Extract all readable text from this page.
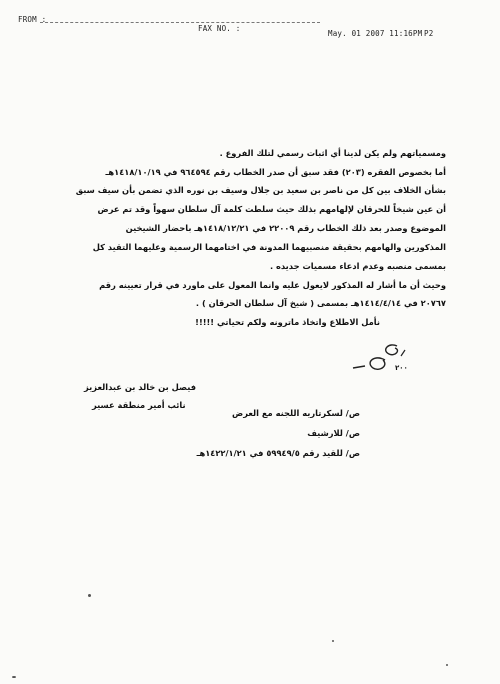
FROM :
FAX NO. :
May. 01 2007 11:16PM P2
ومسمياتهم ولم يكن لدينا أي اثبات رسمي لتلك الفروع .
أما بخصوص الفقره (٢٠٣) فقد سبق أن صدر الخطاب رقم ٩٦٤٥٩٤ في ١٤١٨/١٠/١٩هـ
بشأن الخلاف بين كل من ناصر بن سعيد بن جلال وسيف بن نوره الذي تضمن بأن سيف سبق
أن عين شيخاً للحرقان لإلهامهم بذلك حيث سلطت كلمة آل سلطان سهواً وقد تم عرض
الموضوع وصدر بعد ذلك الخطاب رقم ٢٢٠٠٩ في ١٤١٨/١٢/٢١هـ باحضار الشيخين
المذكورين والهامهم بحقيقة منصبيهما المدونة في اختامهما الرسمية وعليهما التقيد كل
بمسمى منصبه وعدم ادعاء مسميات جديده .
وحيث أن ما أشار له المذكور لايعول عليه وانما المعول على ماورد في قرار تعيينه رقم
٢٠٧٦٧ في ١٤١٤/٤/١٤هـ بمسمى ( شيخ آل سلطان الحرقان ) .
نأمل الاطلاع واتخاذ ماترونه ولكم تحياتي !!!!!
٢٠٠
فيصل بن خالد بن عبدالعزيز
نائب أمير منطقة عسير
ص/ لسكرتاريه اللجنه مع العرض
ص/ للارشيف
ص/ للقيد رقم ٥٩٩٤٩/٥ في ١٤٢٢/١/٢١هـ
